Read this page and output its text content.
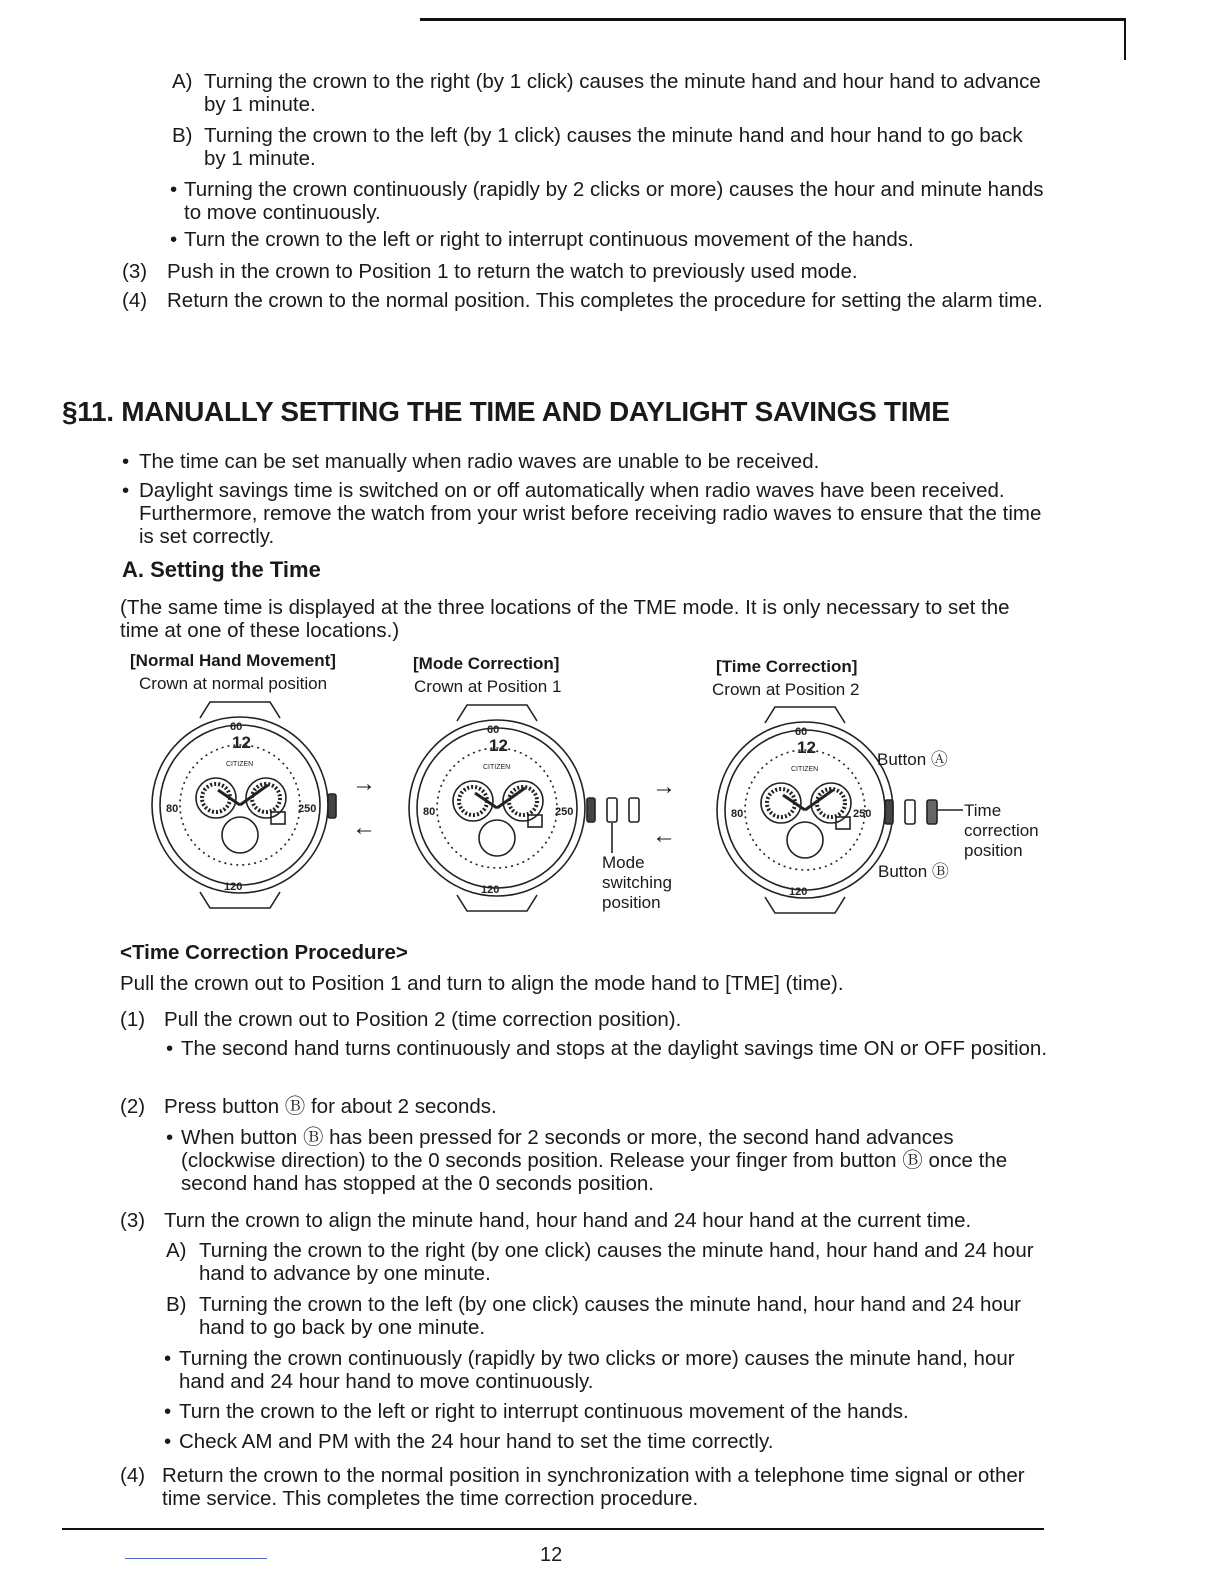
A) Turning the crown to the right (by 1 click) causes the minute hand and hour hand to advance by 1 minute.
B) Turning the crown to the left (by 1 click) causes the minute hand and hour hand to go back by 1 minute.
• Turning the crown continuously (rapidly by 2 clicks or more) causes the hour and minute hands to move continuously.
• Turn the crown to the left or right to interrupt continuous movement of the hands.
(3) Push in the crown to Position 1 to return the watch to previously used mode.
(4) Return the crown to the normal position. This completes the procedure for setting the alarm time.
§11. MANUALLY SETTING THE TIME AND DAYLIGHT SAVINGS TIME
• The time can be set manually when radio waves are unable to be received.
• Daylight savings time is switched on or off automatically when radio waves have been received. Furthermore, remove the watch from your wrist before receiving radio waves to ensure that the time is set correctly.
A. Setting the Time
(The same time is displayed at the three locations of the TME mode. It is only necessary to set the time at one of these locations.)
[Normal Hand Movement]
Crown at normal position
[Mode Correction]
Crown at Position 1
[Time Correction]
Crown at Position 2
12
CITIZEN
60
120
80	250
→
←
12
CITIZEN
60
120
80	250
Mode switching position
→
←
12
CITIZEN
60
120
80	250
Button Ⓐ
Button Ⓑ
Time correction position
<Time Correction Procedure>
Pull the crown out to Position 1 and turn to align the mode hand to [TME] (time).
(1) Pull the crown out to Position 2 (time correction position).
• The second hand turns continuously and stops at the daylight savings time ON or OFF position.
(2) Press button Ⓑ for about 2 seconds.
• When button Ⓑ has been pressed for 2 seconds or more, the second hand advances (clockwise direction) to the 0 seconds position. Release your finger from button Ⓑ once the second hand has stopped at the 0 seconds position.
(3) Turn the crown to align the minute hand, hour hand and 24 hour hand at the current time.
A) Turning the crown to the right (by one click) causes the minute hand, hour hand and 24 hour hand to advance by one minute.
B) Turning the crown to the left (by one click) causes the minute hand, hour hand and 24 hour hand to go back by one minute.
• Turning the crown continuously (rapidly by two clicks or more) causes the minute hand, hour hand and 24 hour hand to move continuously.
• Turn the crown to the left or right to interrupt continuous movement of the hands.
• Check AM and PM with the 24 hour hand to set the time correctly.
(4) Return the crown to the normal position in synchronization with a telephone time signal or other time service. This completes the time correction procedure.
12
